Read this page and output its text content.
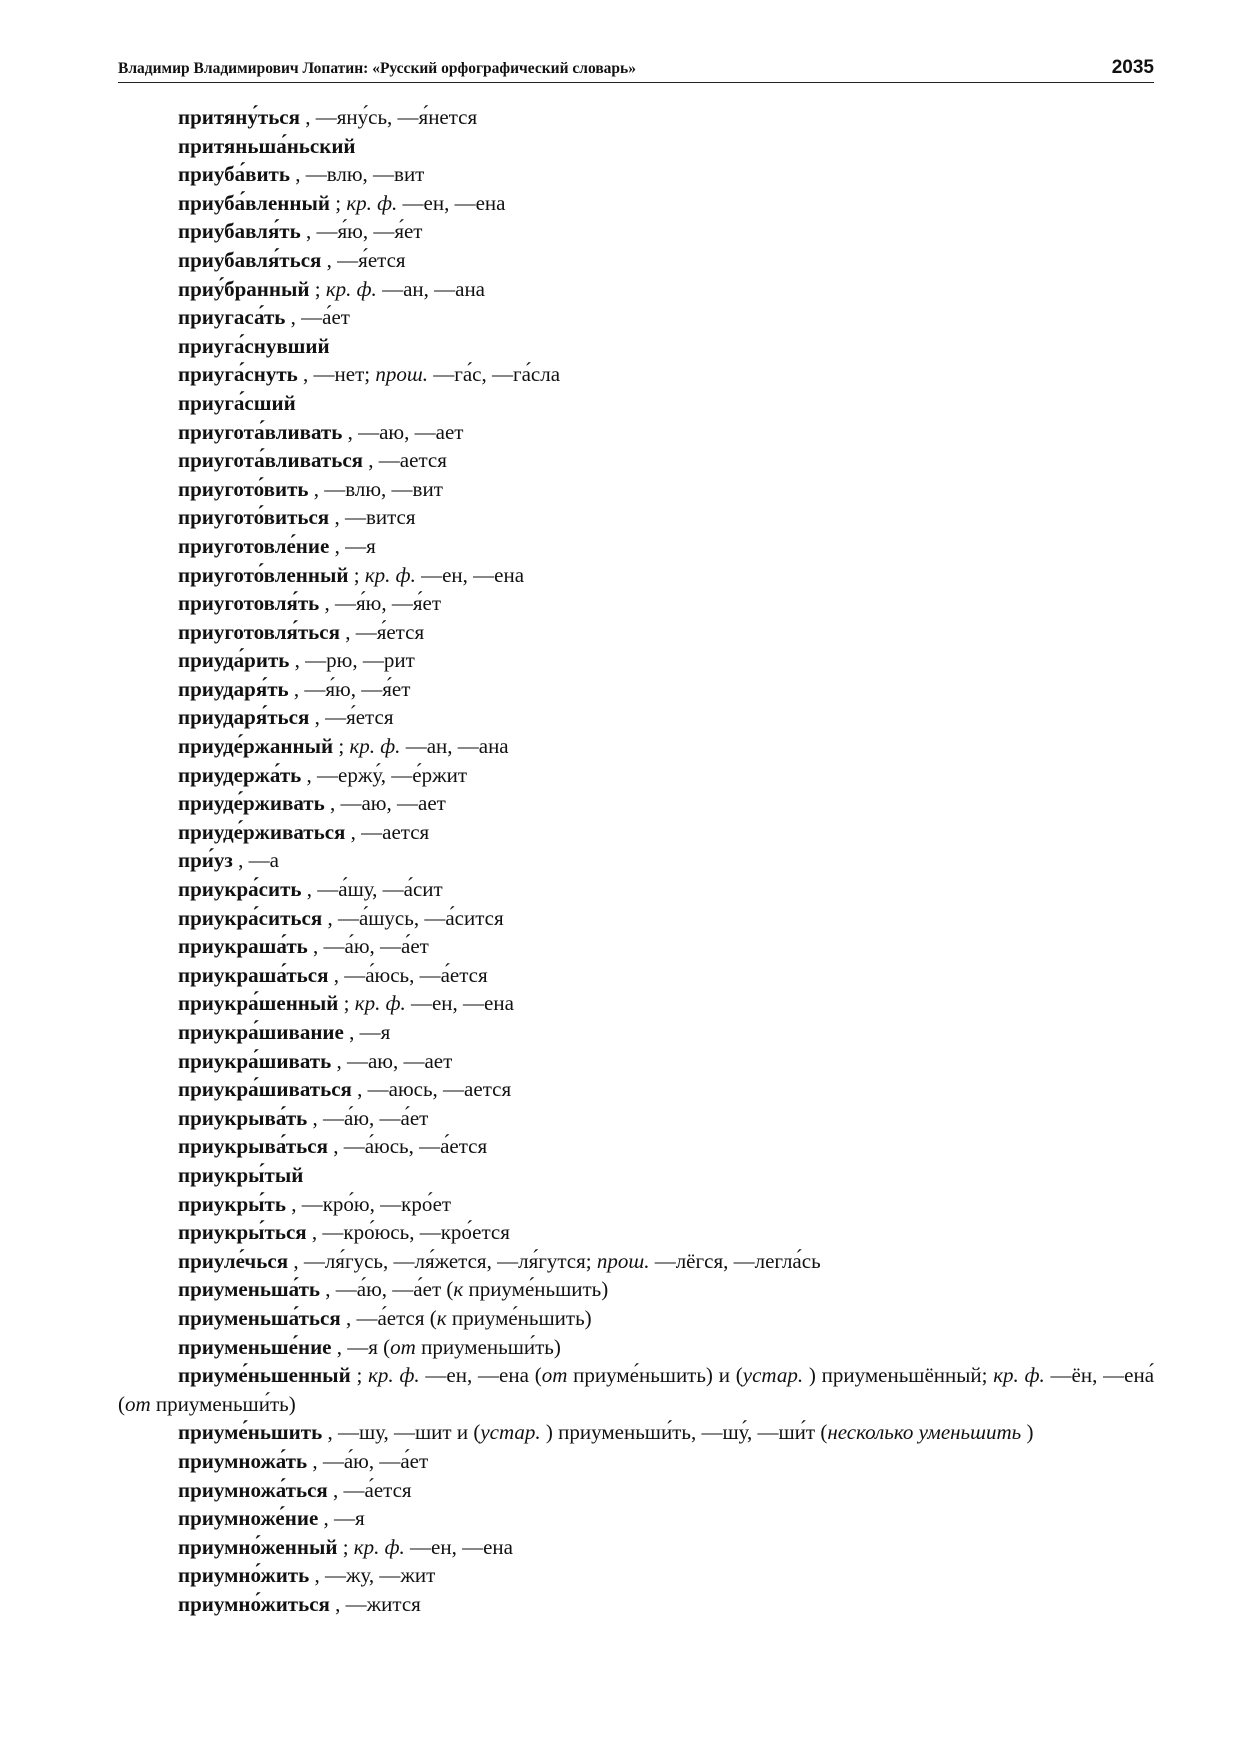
Владимир Владимирович Лопатин: «Русский орфографический словарь»	2035
притяну́ться , —яну́сь, —я́нется
притяньша́ньский
приуба́вить , —влю, —вит
приуба́вленный ; кр. ф. —ен, —ена
приубавля́ть , —я́ю, —я́ет
приубавля́ться , —я́ется
приу́бранный ; кр. ф. —ан, —ана
приугаса́ть , —а́ет
приуга́снувший
приуга́снуть , —нет; прош. —га́с, —га́сла
приуга́сший
приугота́вливать , —аю, —ает
приугота́вливаться , —ается
приугото́вить , —влю, —вит
приугото́виться , —вится
приуготовле́ние , —я
приугото́вленный ; кр. ф. —ен, —ена
приуготовля́ть , —я́ю, —я́ет
приуготовля́ться , —я́ется
приуда́рить , —рю, —рит
приударя́ть , —я́ю, —я́ет
приударя́ться , —я́ется
приуде́ржанный ; кр. ф. —ан, —ана
приудержа́ть , —ержу́, —е́ржит
приуде́рживать , —аю, —ает
приуде́рживаться , —ается
при́уз , —а
приукра́сить , —а́шу, —а́сит
приукра́ситься , —а́шусь, —а́сится
приукраша́ть , —а́ю, —а́ет
приукраша́ться , —а́юсь, —а́ется
приукра́шенный ; кр. ф. —ен, —ена
приукра́шивание , —я
приукра́шивать , —аю, —ает
приукра́шиваться , —аюсь, —ается
приукрыва́ть , —а́ю, —а́ет
приукрыва́ться , —а́юсь, —а́ется
приукры́тый
приукры́ть , —кро́ю, —кро́ет
приукры́ться , —кро́юсь, —кро́ется
приуле́чься , —ля́гусь, —ля́жется, —ля́гутся; прош. —лёгся, —легла́сь
приуменьша́ть , —а́ю, —а́ет (к приуме́ньшить)
приуменьша́ться , —а́ется (к приуме́ньшить)
приуменьше́ние , —я (от приуменьши́ть)
приуме́ньшенный ; кр. ф. —ен, —ена (от приуме́ньшить) и (устар. ) приуменьшённый; кр. ф. —ён, —ена́ (от приуменьши́ть)
приуме́ньшить , —шу, —шит и (устар. ) приуменьши́ть, —шу́, —ши́т (несколько уменьшить )
приумножа́ть , —а́ю, —а́ет
приумножа́ться , —а́ется
приумноже́ние , —я
приумно́женный ; кр. ф. —ен, —ена
приумно́жить , —жу, —жит
приумно́житься , —жится
